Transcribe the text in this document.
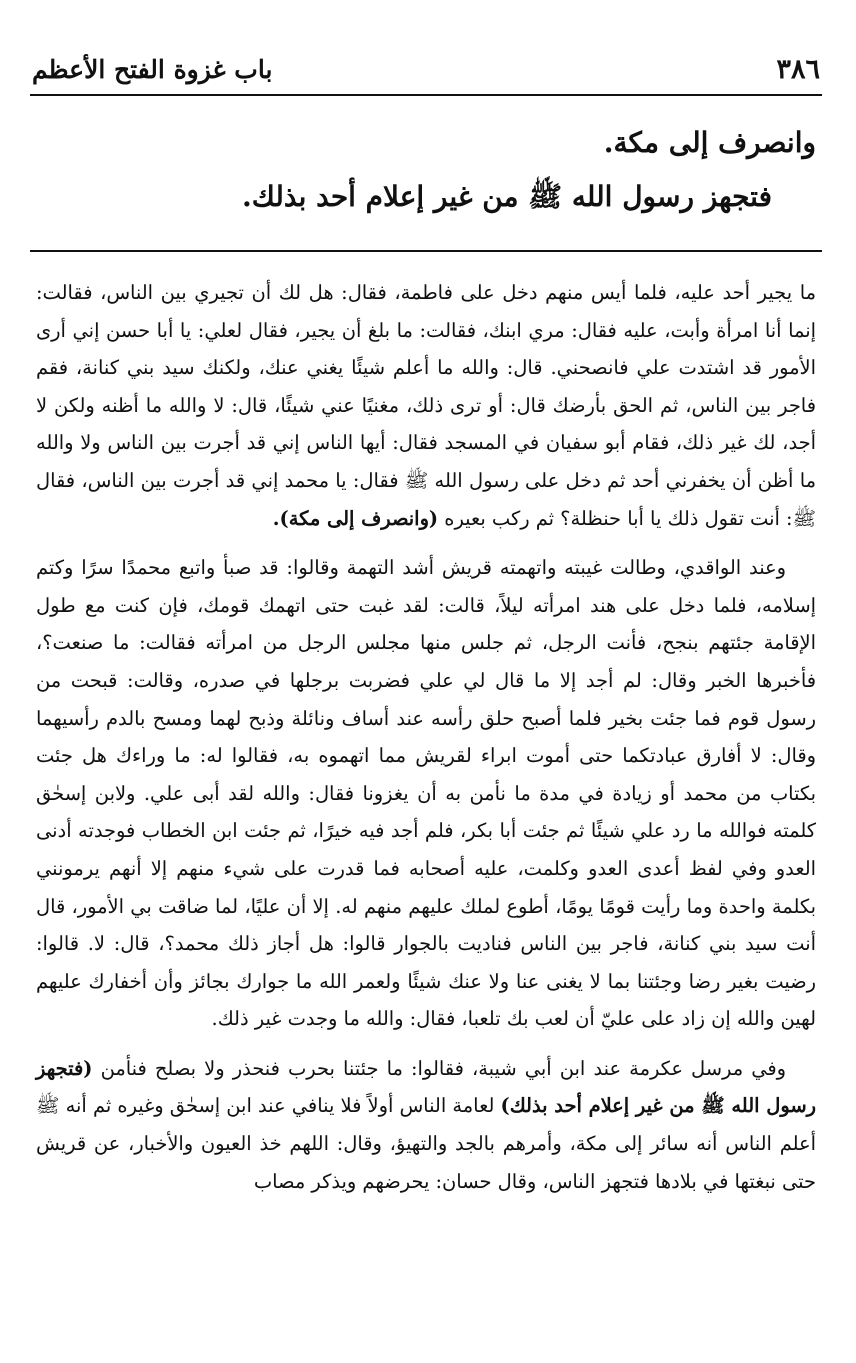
٣٨٦
باب غزوة الفتح الأعظم

وانصرف إلى مكة.

فتجهز رسول الله ﷺ من غير إعلام أحد بذلك.

ما يجير أحد عليه، فلما أيس منهم دخل على فاطمة، فقال: هل لك أن تجيري بين الناس، فقالت: إنما أنا امرأة وأبت، عليه فقال: مري ابنك، فقالت: ما بلغ أن يجير، فقال لعلي: يا أبا حسن إني أرى الأمور قد اشتدت علي فانصحني. قال: والله ما أعلم شيئًا يغني عنك، ولكنك سيد بني كنانة، فقم فاجر بين الناس، ثم الحق بأرضك قال: أو ترى ذلك، مغنيًا عني شيئًا، قال: لا والله ما أظنه ولكن لا أجد، لك غير ذلك، فقام أبو سفيان في المسجد فقال: أيها الناس إني قد أجرت بين الناس ولا والله ما أظن أن يخفرني أحد ثم دخل على رسول الله ﷺ فقال: يا محمد إني قد أجرت بين الناس، فقال ﷺ: أنت تقول ذلك يا أبا حنظلة؟ ثم ركب بعيره (وانصرف إلى مكة).

وعند الواقدي، وطالت غيبته واتهمته قريش أشد التهمة وقالوا: قد صبأ واتبع محمدًا سرًا وكتم إسلامه، فلما دخل على هند امرأته ليلاً، قالت: لقد غبت حتى اتهمك قومك، فإن كنت مع طول الإقامة جئتهم بنجح، فأنت الرجل، ثم جلس منها مجلس الرجل من امرأته فقالت: ما صنعت؟، فأخبرها الخبر وقال: لم أجد إلا ما قال لي علي فضربت برجلها في صدره، وقالت: قبحت من رسول قوم فما جئت بخير فلما أصبح حلق رأسه عند أساف ونائلة وذبح لهما ومسح بالدم رأسيهما وقال: لا أفارق عبادتكما حتى أموت ابراء لقريش مما اتهموه به، فقالوا له: ما وراءك هل جئت بكتاب من محمد أو زيادة في مدة ما نأمن به أن يغزونا فقال: والله لقد أبى علي. ولابن إسحٰق كلمته فوالله ما رد علي شيئًا ثم جئت أبا بكر، فلم أجد فيه خيرًا، ثم جئت ابن الخطاب فوجدته أدنى العدو وفي لفظ أعدى العدو وكلمت، عليه أصحابه فما قدرت على شيء منهم إلا أنهم يرمونني بكلمة واحدة وما رأيت قومًا يومًا، أطوع لملك عليهم منهم له. إلا أن عليًا، لما ضاقت بي الأمور، قال أنت سيد بني كنانة، فاجر بين الناس فناديت بالجوار قالوا: هل أجاز ذلك محمد؟، قال: لا. قالوا: رضيت بغير رضا وجئتنا بما لا يغنى عنا ولا عنك شيئًا ولعمر الله ما جوارك بجائز وأن أخفارك عليهم لهين والله إن زاد على عليّ أن لعب بك تلعبا، فقال: والله ما وجدت غير ذلك.

وفي مرسل عكرمة عند ابن أبي شيبة، فقالوا: ما جئتنا بحرب فنحذر ولا بصلح فنأمن (فتجهز رسول الله ﷺ من غير إعلام أحد بذلك) لعامة الناس أولاً فلا ينافي عند ابن إسحٰق وغيره ثم أنه ﷺ أعلم الناس أنه سائر إلى مكة، وأمرهم بالجد والتهيؤ، وقال: اللهم خذ العيون والأخبار، عن قريش حتى نبغتها في بلادها فتجهز الناس، وقال حسان: يحرضهم ويذكر مصاب
